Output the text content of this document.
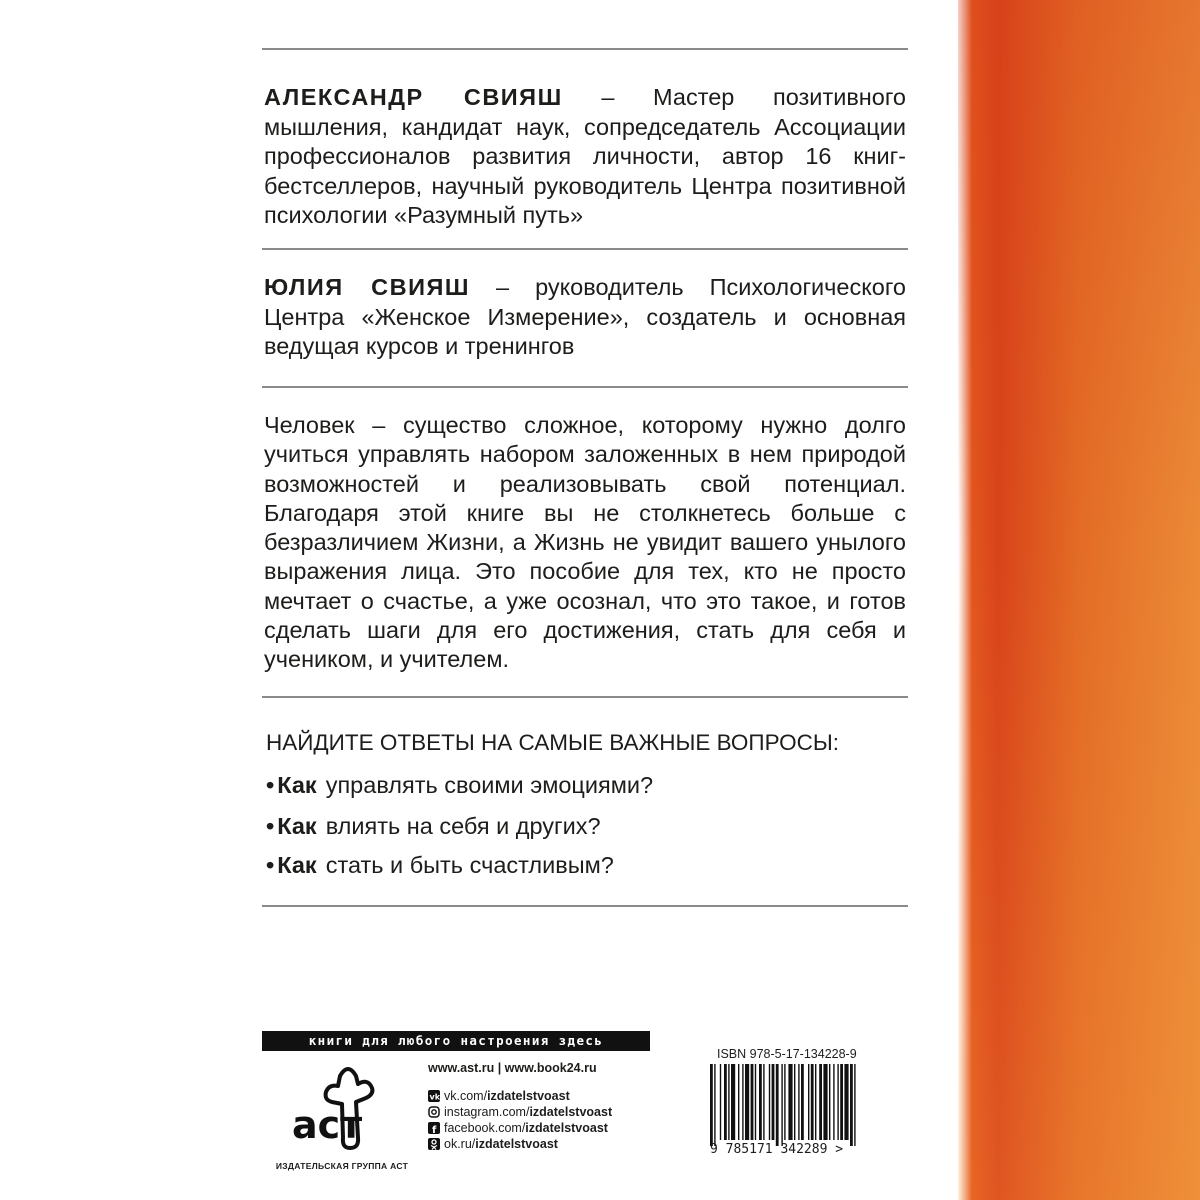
АЛЕКСАНДР СВИЯШ – Мастер позитивного мышления, кандидат наук, сопредседатель Ассоциации профессионалов развития личности, автор 16 книг-бестселлеров, научный руководитель Центра позитивной психологии «Разумный путь»

ЮЛИЯ СВИЯШ – руководитель Психологического Центра «Женское Измерение», создатель и основная ведущая курсов и тренингов

Человек – существо сложное, которому нужно долго учиться управлять набором заложенных в нем природой возможностей и реализовывать свой потенциал. Благодаря этой книге вы не столкнетесь больше с безразличием Жизни, а Жизнь не увидит вашего унылого выражения лица. Это пособие для тех, кто не просто мечтает о счастье, а уже осознал, что это такое, и готов сделать шаги для его достижения, стать для себя и учеником, и учителем.

НАЙДИТЕ ОТВЕТЫ НА САМЫЕ ВАЖНЫЕ ВОПРОСЫ:

• Как управлять своими эмоциями?
• Как влиять на себя и других?
• Как стать и быть счастливым?
книги для любого настроения здесь
аст
ИЗДАТЕЛЬСКАЯ ГРУППА АСТ
www.ast.ru | www.book24.ru
vk vk.com/ izdatelstvoast
instagram.com/ izdatelstvoast
f facebook.com/ izdatelstvoast
ok.ru/ izdatelstvoast
ISBN 978-5-17-134228-9
9 785171 342289 >
